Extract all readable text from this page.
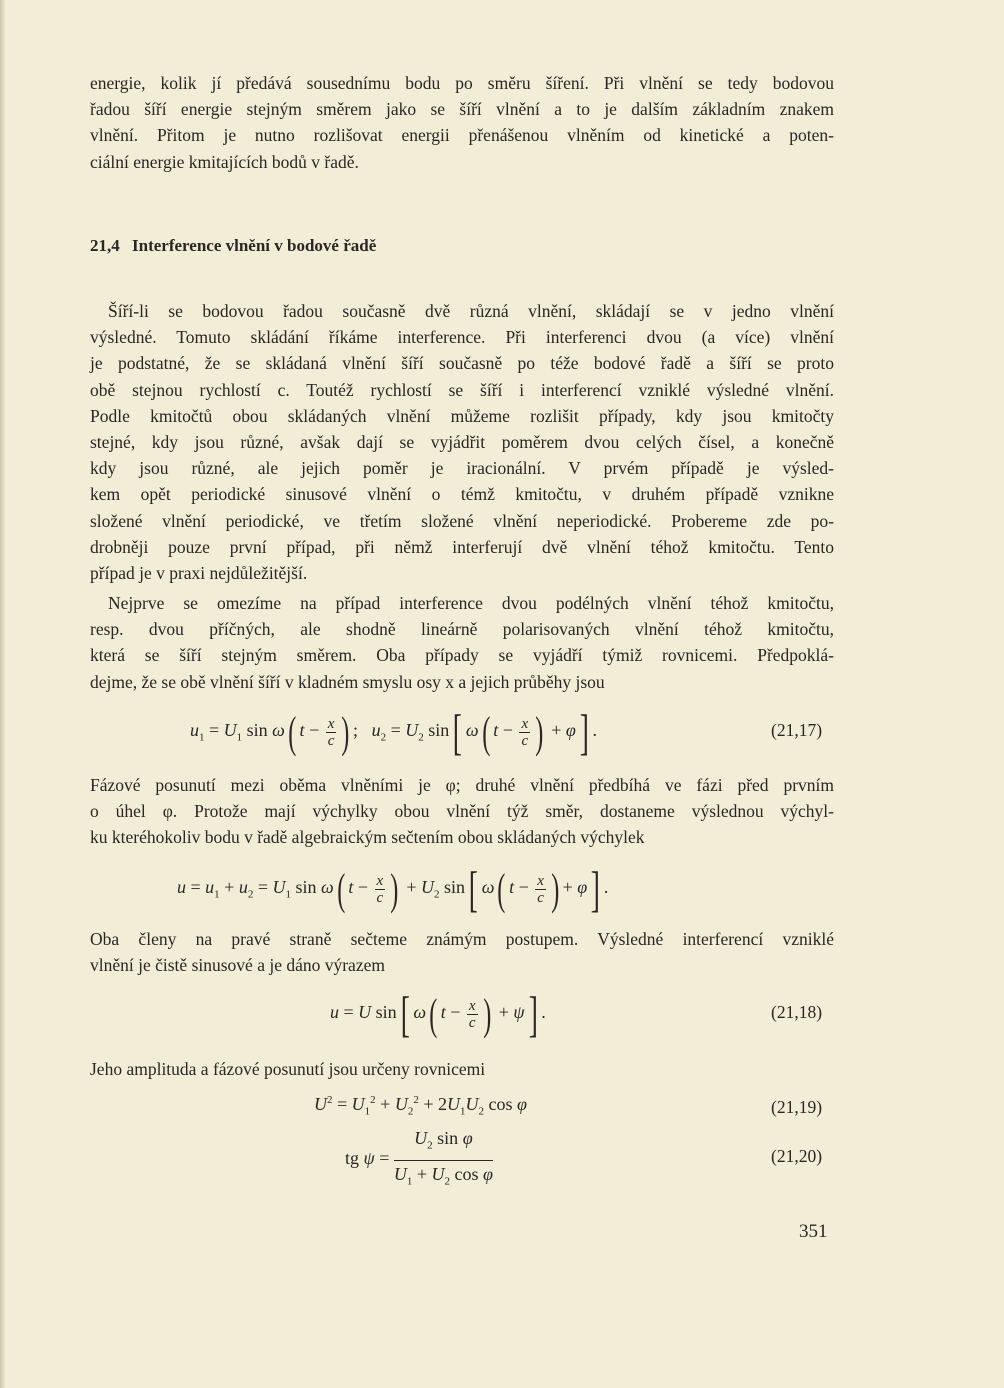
energie, kolik jí předává sousednímu bodu po směru šíření. Při vlnění se tedy bodovou
řadou šíří energie stejným směrem jako se šíří vlnění a to je dalším základním znakem
vlnění. Přitom je nutno rozlišovat energii přenášenou vlněním od kinetické a poten-
ciální energie kmitajících bodů v řadě.
21,4 Interference vlnění v bodové řadě
Šíří-li se bodovou řadou současně dvě různá vlnění, skládají se v jedno vlnění
výsledné. Tomuto skládání říkáme interference. Při interferenci dvou (a více) vlnění
je podstatné, že se skládaná vlnění šíří současně po téže bodové řadě a šíří se proto
obě stejnou rychlostí c. Toutéž rychlostí se šíří i interferencí vzniklé výsledné vlnění.
Podle kmitočtů obou skládaných vlnění můžeme rozlišit případy, kdy jsou kmitočty
stejné, kdy jsou různé, avšak dají se vyjádřit poměrem dvou celých čísel, a konečně
kdy jsou různé, ale jejich poměr je iracionální. V prvém případě je výsled-
kem opět periodické sinusové vlnění o témž kmitočtu, v druhém případě vznikne
složené vlnění periodické, ve třetím složené vlnění neperiodické. Probereme zde po-
drobněji pouze první případ, při němž interferují dvě vlnění téhož kmitočtu. Tento
případ je v praxi nejdůležitější.
Nejprve se omezíme na případ interference dvou podélných vlnění téhož kmitočtu,
resp. dvou příčných, ale shodně lineárně polarisovaných vlnění téhož kmitočtu,
která se šíří stejným směrem. Oba případy se vyjádří týmiž rovnicemi. Předpoklá-
dejme, že se obě vlnění šíří v kladném smyslu osy x a jejich průběhy jsou
$u_1 = U_1$ sin ω( $t - \frac{x}{c}$ ) ;   $u_2 = U_2$ sin[ ω( $t - \frac{x}{c}$ ) + φ] .	(21,17)
Fázové posunutí mezi oběma vlněními je φ; druhé vlnění předbíhá ve fázi před prvním
o úhel φ. Protože mají výchylky obou vlnění týž směr, dostaneme výslednou výchyl-
ku kteréhokoliv bodu v řadě algebraickým sečtením obou skládaných výchylek
$u = u_1 + u_2 = U_1$ sin ω( $t - \frac{x}{c}$ ) + $U_2$ sin[ ω( $t - \frac{x}{c}$ ) + φ] .
Oba členy na pravé straně sečteme známým postupem. Výsledné interferencí vzniklé
vlnění je čistě sinusové a je dáno výrazem
u = U sin[ ω( $t - \frac{x}{c}$ ) + ψ] .	(21,18)
Jeho amplituda a fázové posunutí jsou určeny rovnicemi
$U^2 = U_1^2 + U_2^2 + 2U_1U_2$ cos φ	(21,19)
tg $\psi = \frac{U_2 \sin \varphi}{U_1 + U_2 \cos \varphi}$	(21,20)
351
